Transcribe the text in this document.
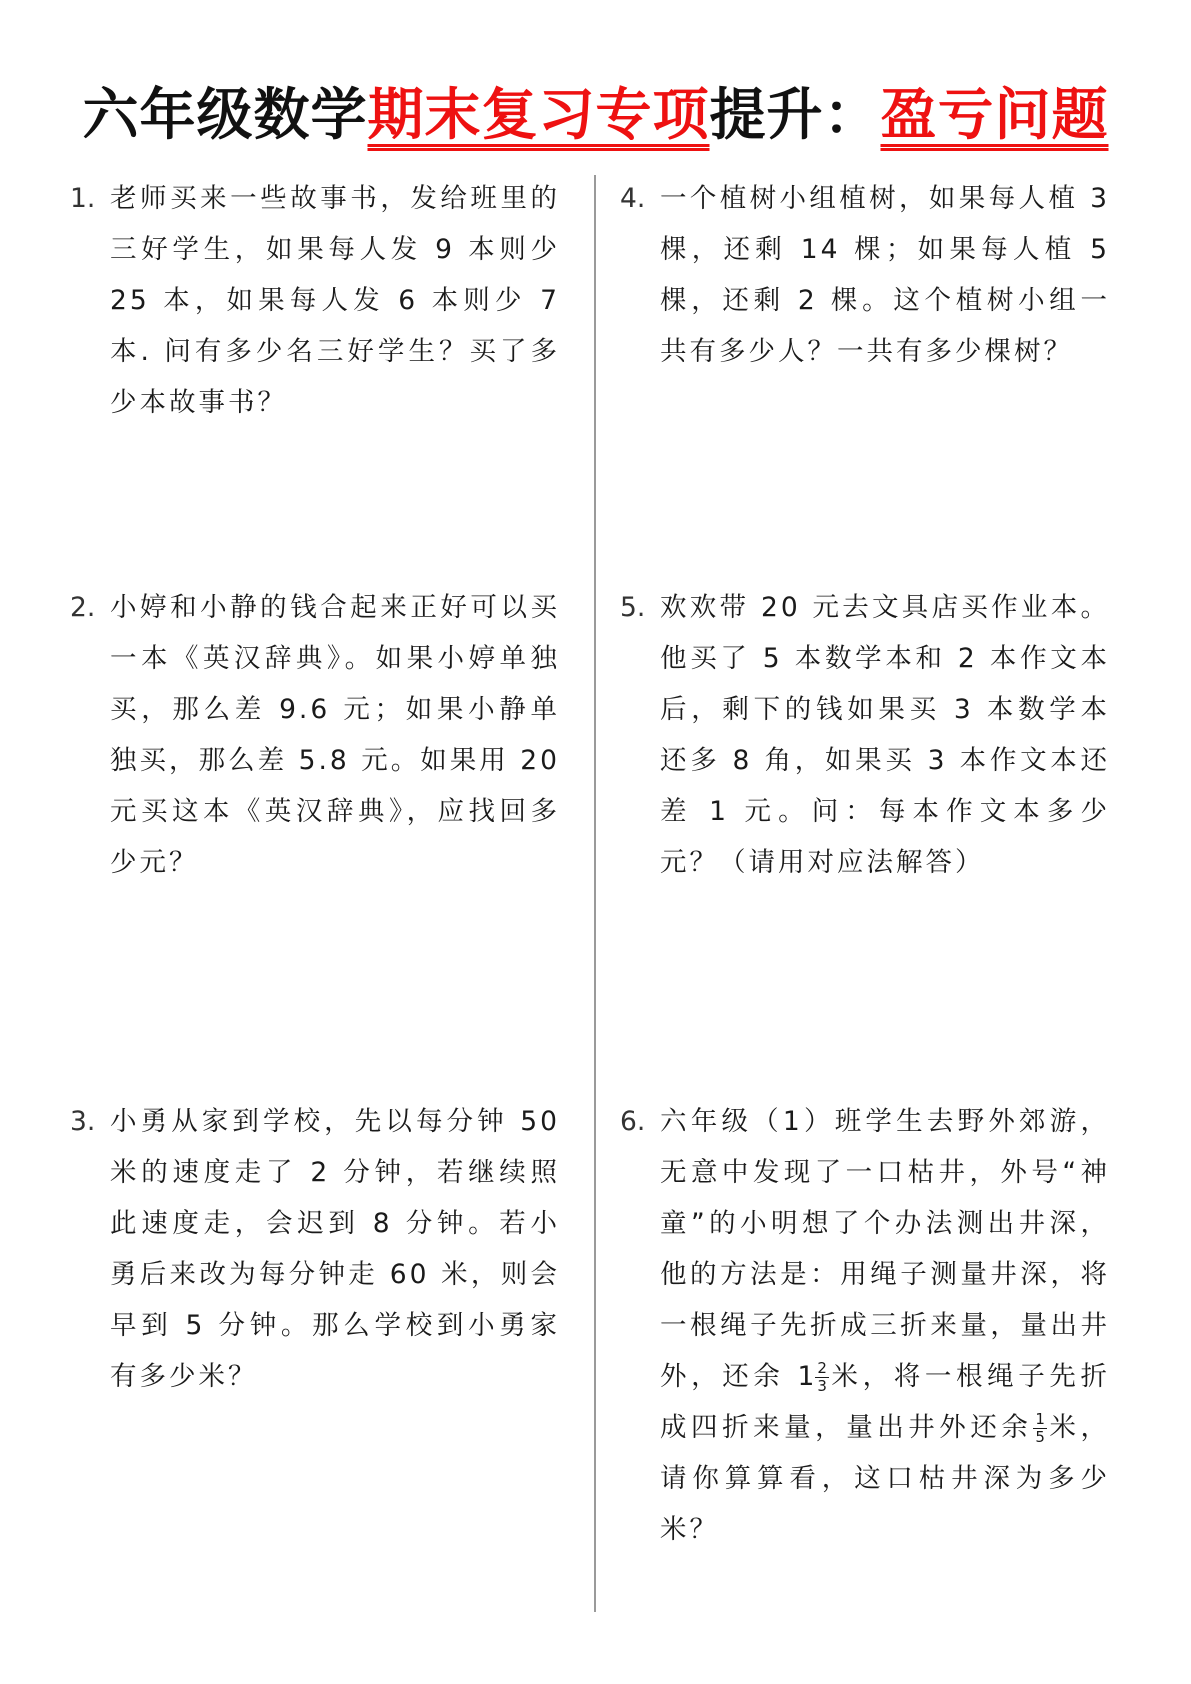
六年级数学期末复习专项提升：盈亏问题
1. 老师买来一些故事书，发给班里的三好学生，如果每人发 9 本则少 25 本，如果每人发 6 本则少 7 本. 问有多少名三好学生？买了多少本故事书？
2. 小婷和小静的钱合起来正好可以买一本《英汉辞典》。如果小婷单独买，那么差 9.6 元；如果小静单独买，那么差 5.8 元。如果用 20 元买这本《英汉辞典》，应找回多少元？
3. 小勇从家到学校，先以每分钟 50 米的速度走了 2 分钟，若继续照此速度走，会迟到 8 分钟。若小勇后来改为每分钟走 60 米，则会早到 5 分钟。那么学校到小勇家有多少米？
4. 一个植树小组植树，如果每人植 3 棵，还剩 14 棵；如果每人植 5 棵，还剩 2 棵。这个植树小组一共有多少人？一共有多少棵树？
5. 欢欢带 20 元去文具店买作业本。他买了 5 本数学本和 2 本作文本后，剩下的钱如果买 3 本数学本还多 8 角，如果买 3 本作文本还差 1 元。问：每本作文本多少元？（请用对应法解答）
6. 六年级（1）班学生去野外郊游，无意中发现了一口枯井，外号“神童”的小明想了个办法测出井深，他的方法是：用绳子测量井深，将一根绳子先折成三折来量，量出井外，还余 $1 \frac{2}{3}$ 米，将一根绳子先折成四折来量，量出井外还余 $\frac{1}{5}$ 米，请你算算看，这口枯井深为多少米？
